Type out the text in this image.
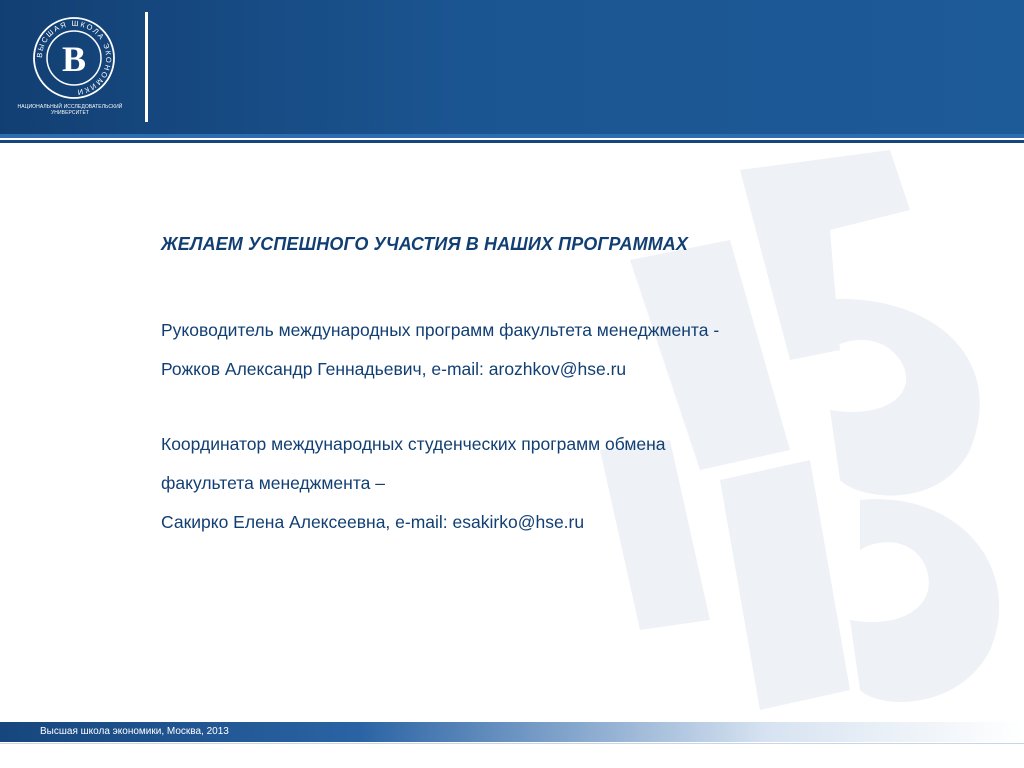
ВЫСШАЯ ШКОЛА ЭКОНОМИКИ
В
НАЦИОНАЛЬНЫЙ ИССЛЕДОВАТЕЛЬСКИЙ
УНИВЕРСИТЕТ
ЖЕЛАЕМ УСПЕШНОГО УЧАСТИЯ В НАШИХ ПРОГРАММАХ
Руководитель международных программ факультета менеджмента -
Рожков Александр Геннадьевич, e-mail: arozhkov@hse.ru
Координатор международных студенческих программ обмена
факультета менеджмента –
Сакирко Елена Алексеевна, e-mail: esakirko@hse.ru
Высшая школа экономики, Москва, 2013
